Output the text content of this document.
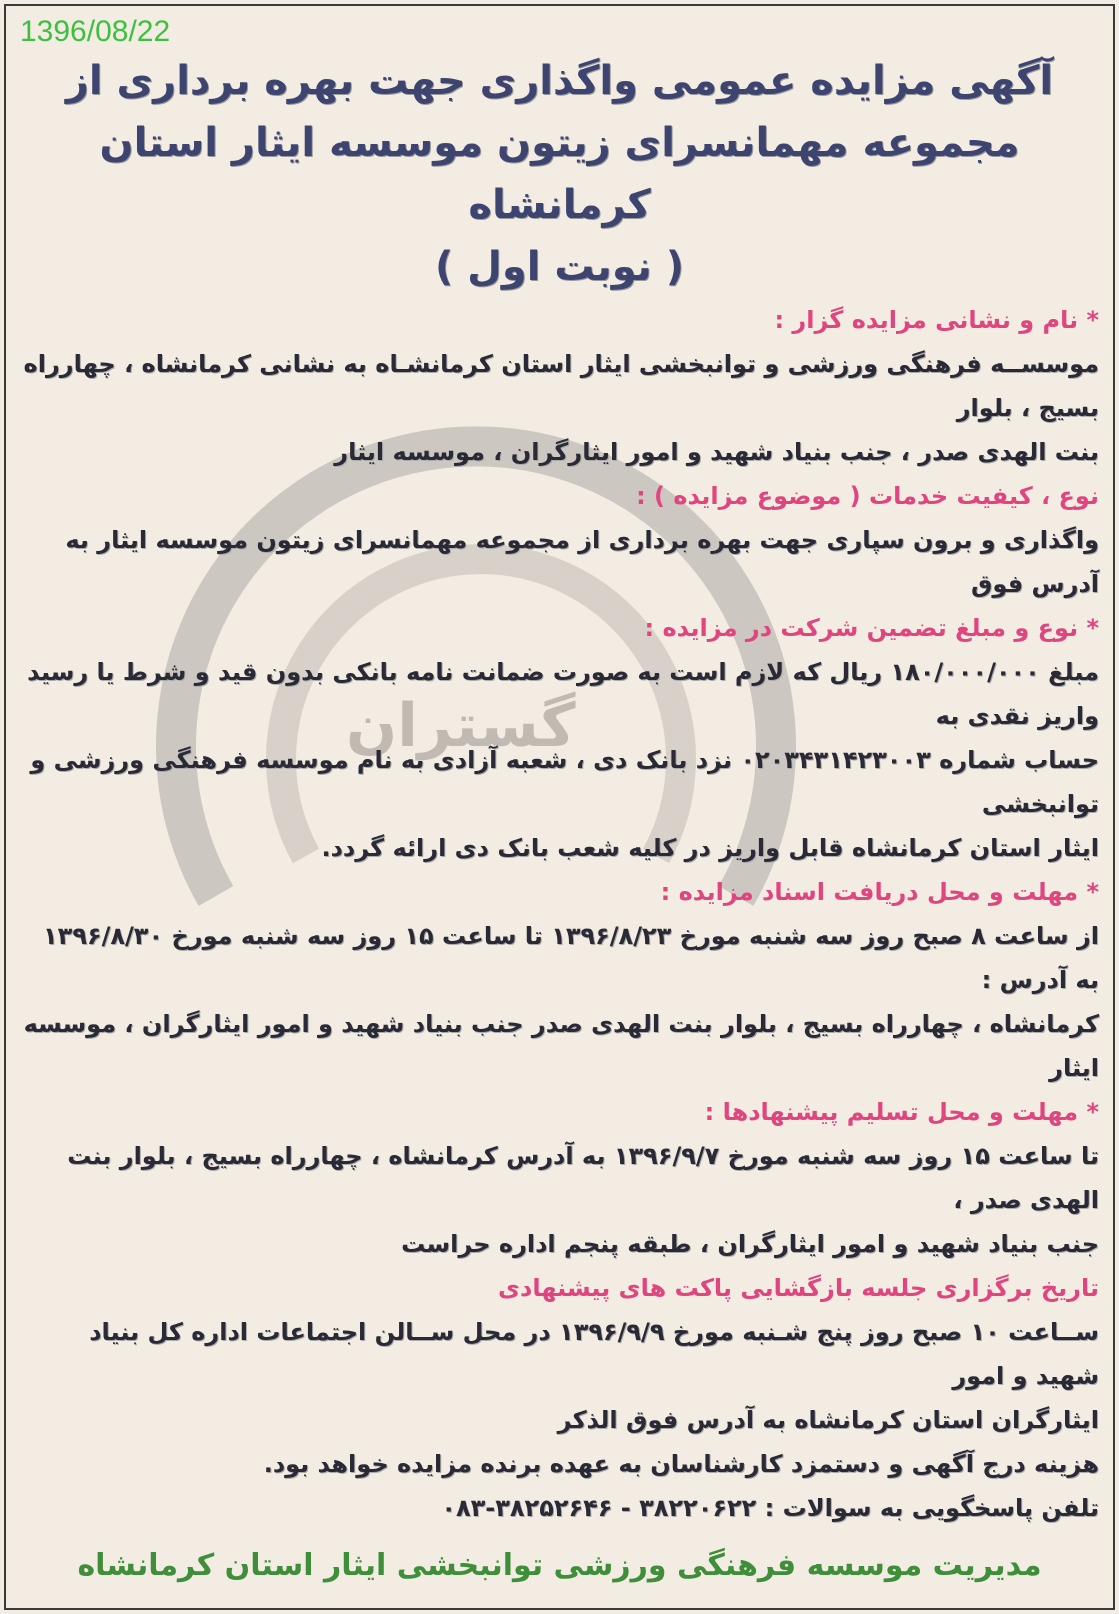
گستران
1396/08/22
آگهی مزایده عمومی واگذاری جهت بهره برداری از
مجموعه مهمانسرای زیتون موسسه ایثار استان کرمانشاه
( نوبت اول )
* نام و نشانی مزایده گزار :
موسســه فرهنگی ورزشی و توانبخشی ایثار استان کرمانشـاه به نشانی کرمانشاه ، چهارراه بسیج ، بلوار
بنت الهدی صدر ، جنب بنیاد شهید و امور ایثارگران ، موسسه ایثار
نوع ، کیفیت خدمات ( موضوع مزایده ) :
واگذاری و برون سپاری جهت بهره برداری از مجموعه مهمانسرای زیتون موسسه ایثار به آدرس فوق
* نوع و مبلغ تضمین شرکت در مزایده :
مبلغ ۱۸۰/۰۰۰/۰۰۰ ریال که لازم است به صورت ضمانت نامه بانکی بدون قید و شرط یا رسید واریز نقدی به
حساب شماره ۰۲۰۳۴۳۱۴۲۳۰۰۳ نزد بانک دی ، شعبه آزادی به نام موسسه فرهنگی ورزشی و توانبخشی
ایثار استان کرمانشاه قابل واریز در کلیه شعب بانک دی ارائه گردد.
* مهلت و محل دریافت اسناد مزایده :
از ساعت ۸ صبح روز سه شنبه مورخ ۱۳۹۶/۸/۲۳ تا ساعت ۱۵ روز سه شنبه مورخ ۱۳۹۶/۸/۳۰ به آدرس :
کرمانشاه ، چهارراه بسیج ، بلوار بنت الهدی صدر جنب بنیاد شهید و امور ایثارگران ، موسسه ایثار
* مهلت و محل تسلیم پیشنهادها :
تا ساعت ۱۵ روز سه شنبه مورخ ۱۳۹۶/۹/۷ به آدرس کرمانشاه ، چهارراه بسیج ، بلوار بنت الهدی صدر ،
جنب بنیاد شهید و امور ایثارگران ، طبقه پنجم اداره حراست
تاریخ برگزاری جلسه بازگشایی پاکت های پیشنهادی
ســاعت ۱۰ صبح روز پنج شـنبه مورخ ۱۳۹۶/۹/۹ در محل ســالن اجتماعات اداره کل بنیاد شهید و امور
ایثارگران استان کرمانشاه به آدرس فوق الذکر
هزینه درج آگهی و دستمزد کارشناسان به عهده برنده مزایده خواهد بود.
تلفن پاسخگویی به سوالات : ۳۸۲۲۰۶۲۲ - ۳۸۲۵۲۶۴۶-۰۸۳
مدیریت موسسه فرهنگی ورزشی توانبخشی ایثار استان کرمانشاه
